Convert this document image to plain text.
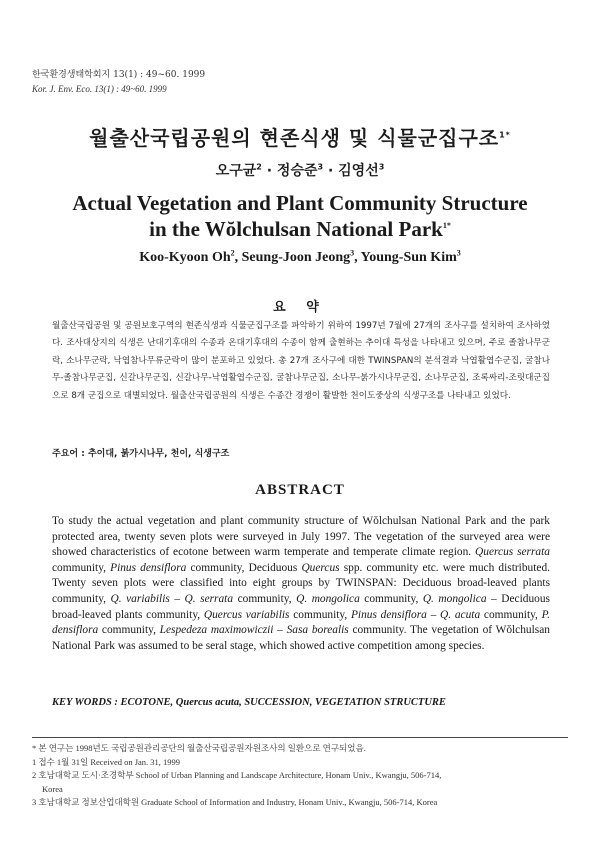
한국환경생태학회지 13(1) : 49~60. 1999
Kor. J. Env. Eco. 13(1) : 49~60. 1999
월출산국립공원의 현존식생 및 식물군집구조$^{1*}$
오구균$^2$ · 정승준$^3$ · 김영선$^3$
Actual Vegetation and Plant Community Structure
in the Wŏlchulsan National Park$^{1*}$
Koo-Kyoon Oh$^2$, Seung-Joon Jeong$^3$, Young-Sun Kim$^3$
요 약
월출산국립공원 및 공원보호구역의 현존식생과 식물군집구조를 파악하기 위하여 1997년 7월에 27개의 조사구를 설치하여 조사하였다. 조사대상지의 식생은 난대기후대의 수종과 온대기후대의 수종이 함께 출현하는 추이대 특성을 나타내고 있으며, 주로 졸참나무군락, 소나무군락, 낙엽참나무류군락이 많이 분포하고 있었다. 총 27개 조사구에 대한 TWINSPAN의 분석결과 낙엽활엽수군집, 굴참나무-졸참나무군집, 신갈나무군집, 신갈나무-낙엽활엽수군집, 굴참나무군집, 소나무-붉가시나무군집, 소나무군집, 조록싸리-조릿대군집으로 8개 군집으로 대별되었다. 월출산국립공원의 식생은 수종간 경쟁이 활발한 천이도중상의 식생구조를 나타내고 있었다.
주요어 : 추이대, 붉가시나무, 천이, 식생구조
ABSTRACT
To study the actual vegetation and plant community structure of Wŏlchulsan National Park and the park protected area, twenty seven plots were surveyed in July 1997. The vegetation of the surveyed area were showed characteristics of ecotone between warm temperate and temperate climate region. Quercus serrata community, Pinus densiflora community, Deciduous Quercus spp. community etc. were much distributed. Twenty seven plots were classified into eight groups by TWINSPAN: Deciduous broad-leaved plants community, Q. variabilis – Q. serrata community, Q. mongolica community, Q. mongolica – Deciduous broad-leaved plants community, Quercus variabilis community, Pinus densiflora – Q. acuta community, P. densiflora community, Lespedeza maximowiczii – Sasa borealis community. The vegetation of Wŏlchulsan National Park was assumed to be seral stage, which showed active competition among species.
KEY WORDS : ECOTONE, Quercus acuta, SUCCESSION, VEGETATION STRUCTURE
* 본 연구는 1998년도 국립공원관리공단의 월출산국립공원자원조사의 일환으로 연구되었음.
1 접수 1월 31일 Received on Jan. 31, 1999
2 호남대학교 도시·조경학부 School of Urban Planning and Landscape Architecture, Honam Univ., Kwangju, 506-714,
Korea
3 호남대학교 정보산업대학원 Graduate School of Information and Industry, Honam Univ., Kwangju, 506-714, Korea
